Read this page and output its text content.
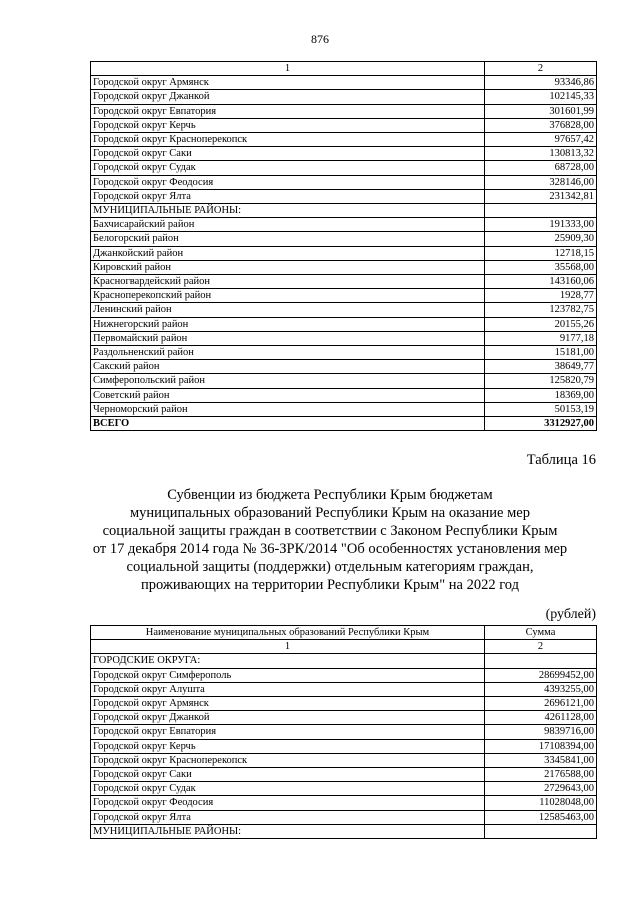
876
1	2
Городской округ Армянск	93346,86
Городской округ Джанкой	102145,33
Городской округ Евпатория	301601,99
Городской округ Керчь	376828,00
Городской округ Красноперекопск	97657,42
Городской округ Саки	130813,32
Городской округ Судак	68728,00
Городской округ Феодосия	328146,00
Городской округ Ялта	231342,81
МУНИЦИПАЛЬНЫЕ РАЙОНЫ:	
Бахчисарайский район	191333,00
Белогорский район	25909,30
Джанкойский район	12718,15
Кировский район	35568,00
Красногвардейский район	143160,06
Красноперекопский район	1928,77
Ленинский район	123782,75
Нижнегорский район	20155,26
Первомайский район	9177,18
Раздольненский район	15181,00
Сакский район	38649,77
Симферопольский район	125820,79
Советский район	18369,00
Черноморский район	50153,19
ВСЕГО	3312927,00
Таблица 16
Субвенции из бюджета Республики Крым бюджетам
муниципальных образований Республики Крым на оказание мер
социальной защиты граждан в соответствии с Законом Республики Крым
от 17 декабря 2014 года № 36-ЗРК/2014 "Об особенностях установления мер
социальной защиты (поддержки) отдельным категориям граждан,
проживающих на территории Республики Крым" на 2022 год
(рублей)
Наименование муниципальных образований Республики Крым	Сумма
1	2
ГОРОДСКИЕ ОКРУГА:	
Городской округ Симферополь	28699452,00
Городской округ Алушта	4393255,00
Городской округ Армянск	2696121,00
Городской округ Джанкой	4261128,00
Городской округ Евпатория	9839716,00
Городской округ Керчь	17108394,00
Городской округ Красноперекопск	3345841,00
Городской округ Саки	2176588,00
Городской округ Судак	2729643,00
Городской округ Феодосия	11028048,00
Городской округ Ялта	12585463,00
МУНИЦИПАЛЬНЫЕ РАЙОНЫ:	
